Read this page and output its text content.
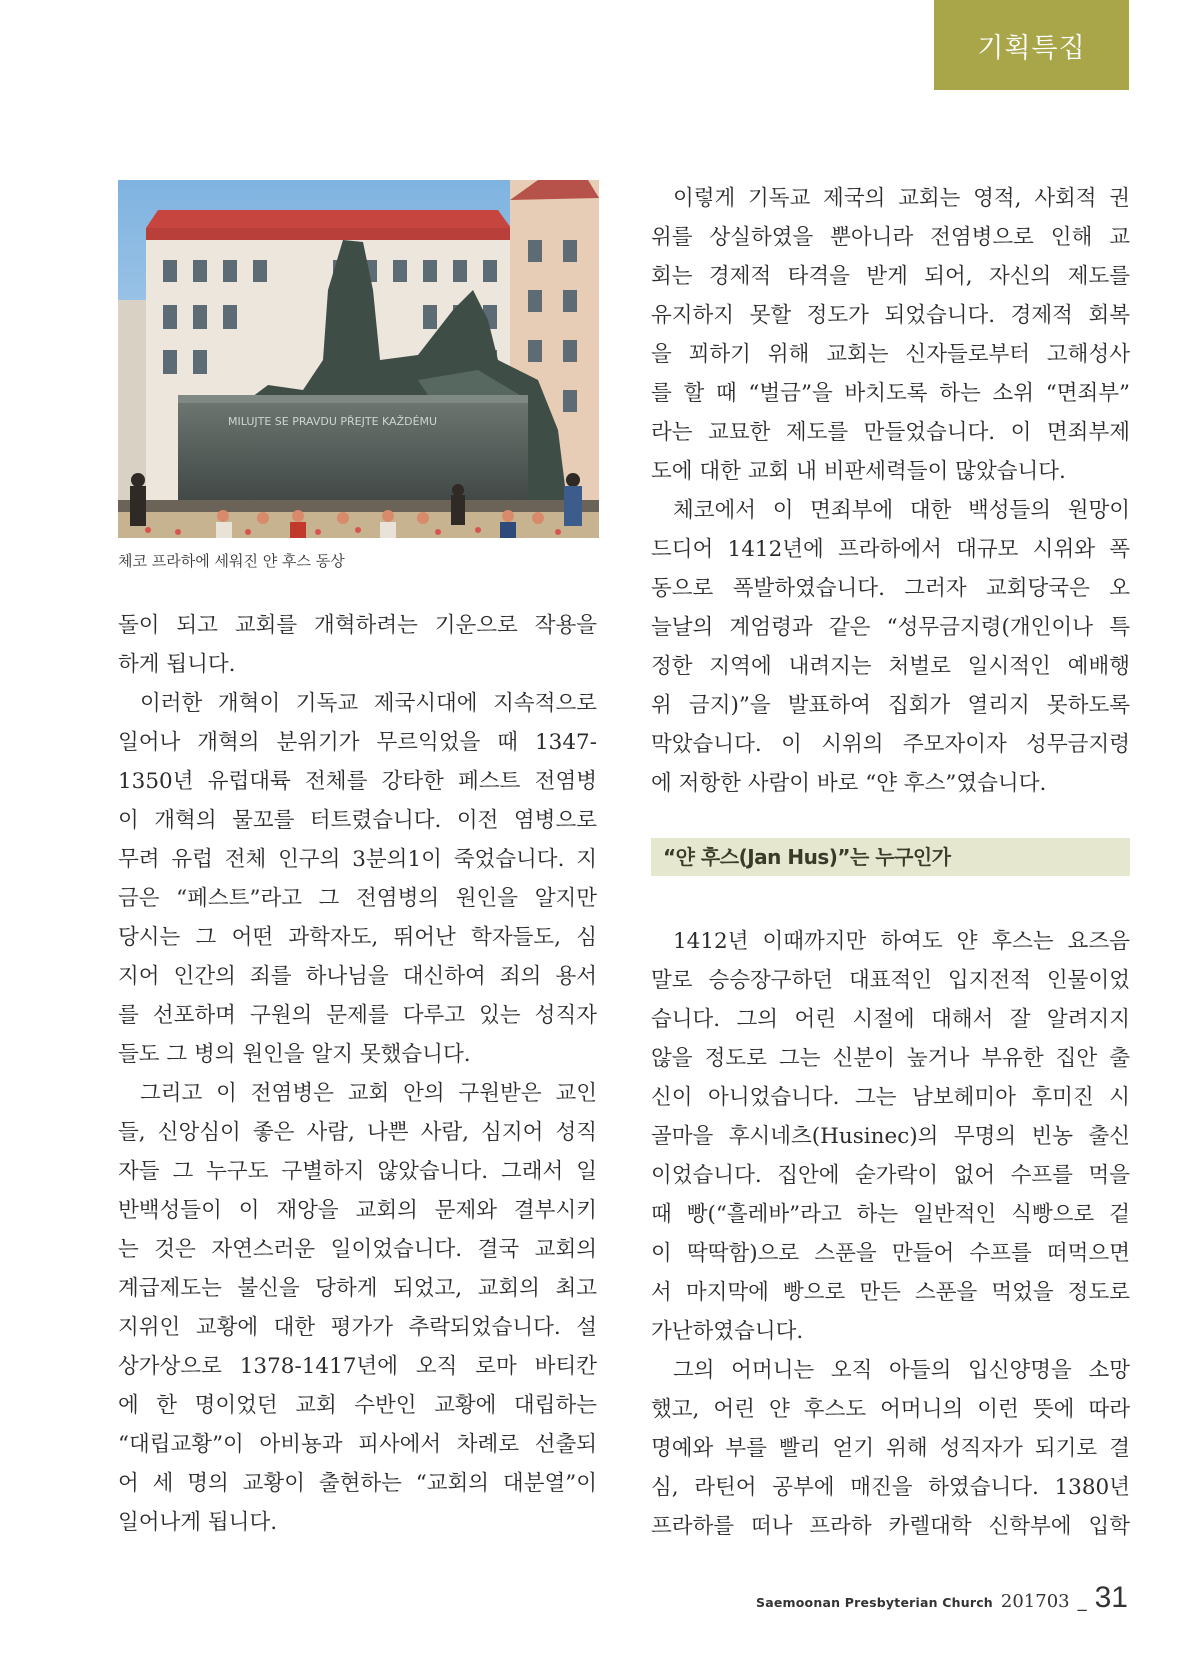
기획특집
MILUJTE SE PRAVDU PŘEJTE KAŽDÉMU
체코 프라하에 세워진 얀 후스 동상

돌이 되고 교회를 개혁하려는 기운으로 작용을
하게 됩니다.

이러한 개혁이 기독교 제국시대에 지속적으로
일어나 개혁의 분위기가 무르익었을 때 1347-
1350년 유럽대륙 전체를 강타한 페스트 전염병
이 개혁의 물꼬를 터트렸습니다. 이전 염병으로
무려 유럽 전체 인구의 3분의1이 죽었습니다. 지
금은 “페스트”라고 그 전염병의 원인을 알지만
당시는 그 어떤 과학자도, 뛰어난 학자들도, 심
지어 인간의 죄를 하나님을 대신하여 죄의 용서
를 선포하며 구원의 문제를 다루고 있는 성직자
들도 그 병의 원인을 알지 못했습니다.

그리고 이 전염병은 교회 안의 구원받은 교인
들, 신앙심이 좋은 사람, 나쁜 사람, 심지어 성직
자들 그 누구도 구별하지 않았습니다. 그래서 일
반백성들이 이 재앙을 교회의 문제와 결부시키
는 것은 자연스러운 일이었습니다. 결국 교회의
계급제도는 불신을 당하게 되었고, 교회의 최고
지위인 교황에 대한 평가가 추락되었습니다. 설
상가상으로 1378-1417년에 오직 로마 바티칸
에 한 명이었던 교회 수반인 교황에 대립하는
“대립교황”이 아비뇽과 피사에서 차례로 선출되
어 세 명의 교황이 출현하는 “교회의 대분열”이
일어나게 됩니다.

이렇게 기독교 제국의 교회는 영적, 사회적 권
위를 상실하였을 뿐아니라 전염병으로 인해 교
회는 경제적 타격을 받게 되어, 자신의 제도를
유지하지 못할 정도가 되었습니다. 경제적 회복
을 꾀하기 위해 교회는 신자들로부터 고해성사
를 할 때 “벌금”을 바치도록 하는 소위 “면죄부”
라는 교묘한 제도를 만들었습니다. 이 면죄부제
도에 대한 교회 내 비판세력들이 많았습니다.

체코에서 이 면죄부에 대한 백성들의 원망이
드디어 1412년에 프라하에서 대규모 시위와 폭
동으로 폭발하였습니다. 그러자 교회당국은 오
늘날의 계엄령과 같은 “성무금지령(개인이나 특
정한 지역에 내려지는 처벌로 일시적인 예배행
위 금지)”을 발표하여 집회가 열리지 못하도록
막았습니다. 이 시위의 주모자이자 성무금지령
에 저항한 사람이 바로 “얀 후스”였습니다.

“얀 후스(Jan Hus)”는 누구인가

1412년 이때까지만 하여도 얀 후스는 요즈음
말로 승승장구하던 대표적인 입지전적 인물이었
습니다. 그의 어린 시절에 대해서 잘 알려지지
않을 정도로 그는 신분이 높거나 부유한 집안 출
신이 아니었습니다. 그는 남보헤미아 후미진 시
골마을 후시네츠(Husinec)의 무명의 빈농 출신
이었습니다. 집안에 숟가락이 없어 수프를 먹을
때 빵(“흘레바”라고 하는 일반적인 식빵으로 겉
이 딱딱함)으로 스푼을 만들어 수프를 떠먹으면
서 마지막에 빵으로 만든 스푼을 먹었을 정도로
가난하였습니다.

그의 어머니는 오직 아들의 입신양명을 소망
했고, 어린 얀 후스도 어머니의 이런 뜻에 따라
명예와 부를 빨리 얻기 위해 성직자가 되기로 결
심, 라틴어 공부에 매진을 하였습니다. 1380년
프라하를 떠나 프라하 카렐대학 신학부에 입학

Saemoonan Presbyterian Church 201703 _ 31
